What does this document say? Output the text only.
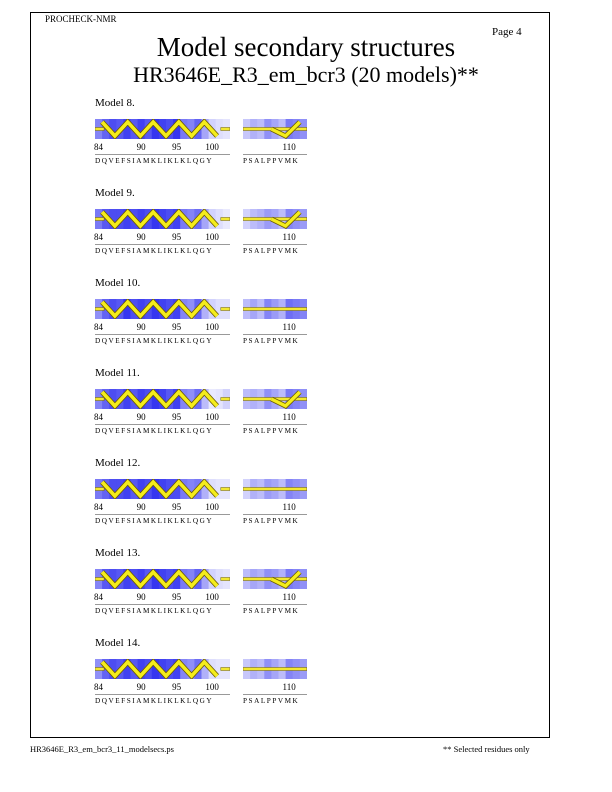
PROCHECK-NMR
Page 4
Model secondary structures
HR3646E_R3_em_bcr3 (20 models)**
Model 8.
84	90	95	100
DQVEFSIAMKLIKLKLQGY
110
PSALPPVMK
Model 9.
84	90	95	100
DQVEFSIAMKLIKLKLQGY
110
PSALPPVMK
Model 10.
84	90	95	100
DQVEFSIAMKLIKLKLQGY
110
PSALPPVMK
Model 11.
84	90	95	100
DQVEFSIAMKLIKLKLQGY
110
PSALPPVMK
Model 12.
84	90	95	100
DQVEFSIAMKLIKLKLQGY
110
PSALPPVMK
Model 13.
84	90	95	100
DQVEFSIAMKLIKLKLQGY
110
PSALPPVMK
Model 14.
84	90	95	100
DQVEFSIAMKLIKLKLQGY
110
PSALPPVMK
HR3646E_R3_em_bcr3_11_modelsecs.ps	** Selected residues only
